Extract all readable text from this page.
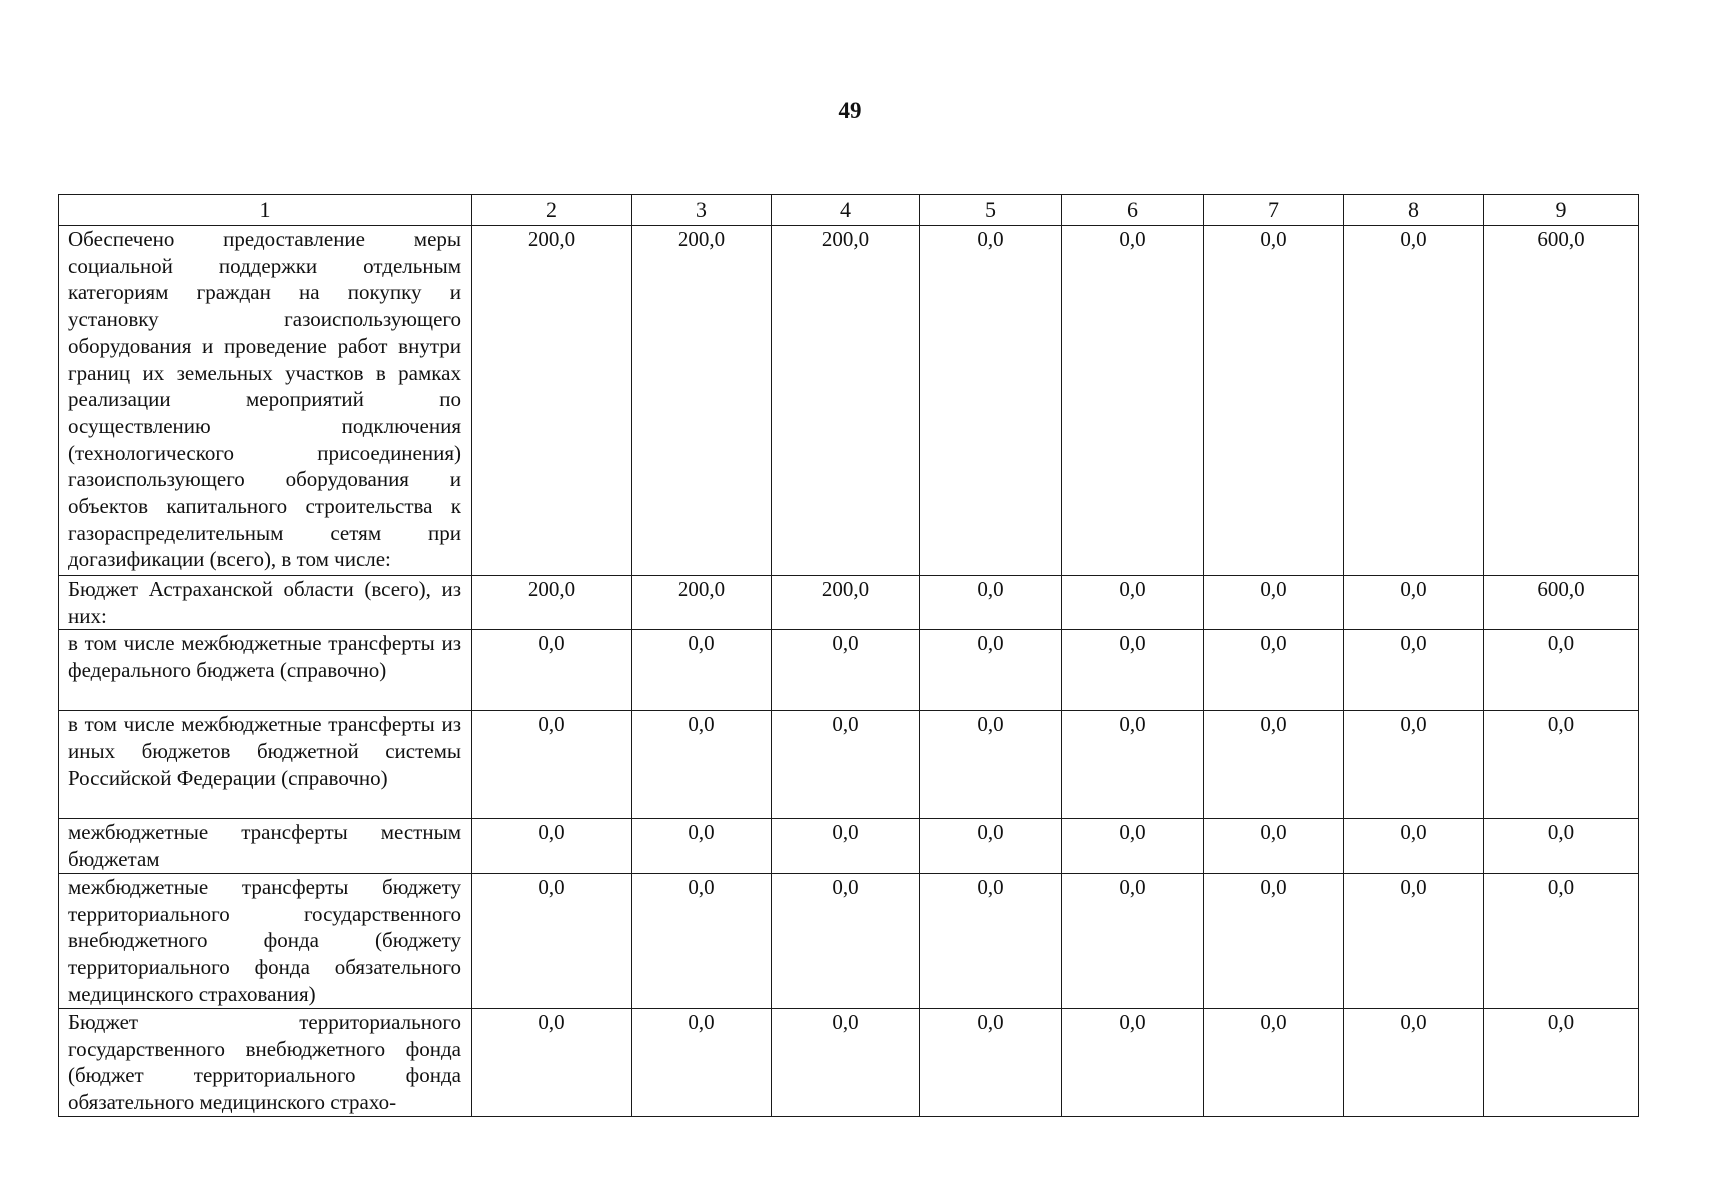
49
1	2	3	4	5	6	7	8	9
Обеспечено предоставление меры социальной поддержки отдельным категориям граждан на покупку и установку газоиспользующего оборудования и проведение работ внутри границ их земельных участков в рамках реализации мероприятий по осуществлению подключения (технологического присоединения) газоиспользующего оборудования и объектов капитального строительства к газораспределительным сетям при догазификации (всего), в том числе:	200,0	200,0	200,0	0,0	0,0	0,0	0,0	600,0
Бюджет Астраханской области (всего), из них:	200,0	200,0	200,0	0,0	0,0	0,0	0,0	600,0
в том числе межбюджетные трансферты из федерального бюджета (справочно)	0,0	0,0	0,0	0,0	0,0	0,0	0,0	0,0
в том числе межбюджетные трансферты из иных бюджетов бюджетной системы Российской Федерации (справочно)	0,0	0,0	0,0	0,0	0,0	0,0	0,0	0,0
межбюджетные трансферты местным бюджетам	0,0	0,0	0,0	0,0	0,0	0,0	0,0	0,0
межбюджетные трансферты бюджету территориального государственного внебюджетного фонда (бюджету территориального фонда обязательного медицинского страхования)	0,0	0,0	0,0	0,0	0,0	0,0	0,0	0,0
Бюджет территориального государственного внебюджетного фонда (бюджет территориального фонда обязательного медицинского страхо-	0,0	0,0	0,0	0,0	0,0	0,0	0,0	0,0
